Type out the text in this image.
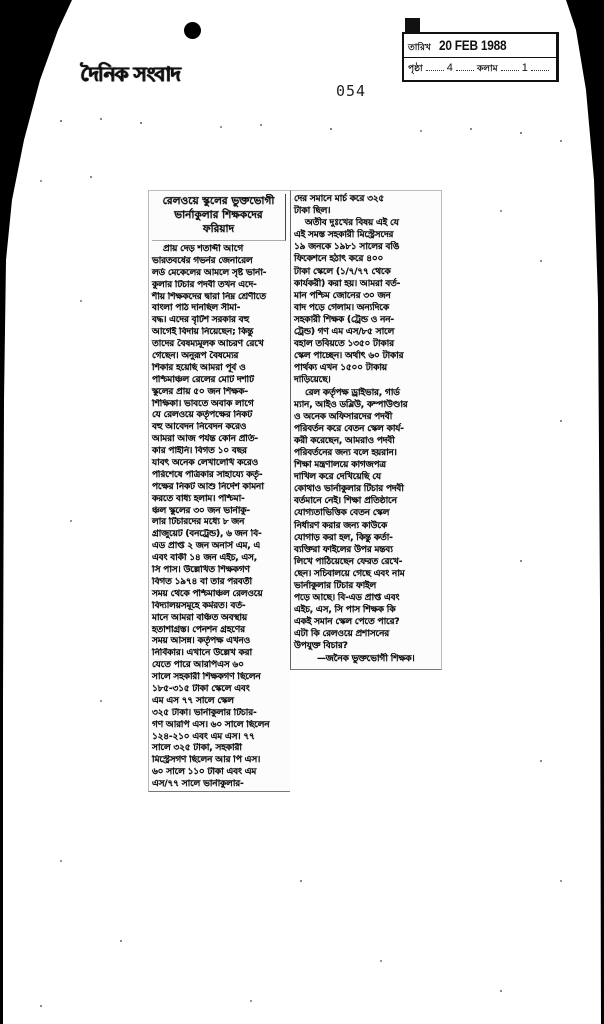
দৈনিক সংবাদ
054
তারিখ 20 FEB 1988
পৃষ্ঠা 4	কলাম 1
রেলওয়ে স্কুলের ভুক্তভোগী
ভার্নাকুলার শিক্ষকদের
ফরিয়াদ
প্রায় দেড় শতাব্দী আগে
ভারতবর্ষের গভর্নর জেনারেল
লর্ড মেকেলের আমলে সৃষ্ট ভার্না-
কুলার টিচার পদবী তখন এদে-
শীয় শিক্ষকদের দ্বারা নিম্ন শ্রেণীতে
বাংলা পাঠ দানছিল সীমা-
বদ্ধ। এদের বৃটিশ সরকার বহু
আগেই বিদায় নিয়েছেন; কিন্তু
তাদের বৈষম্যমূলক আচরণ রেখে
গেছেন। অনুরূপ বৈষম্যের
শিকার হয়েছি আমরা পূর্ব ও
পশ্চিমাঞ্চল রেলের মোট দশটি
স্কুলের প্রায় ৫০ জন শিক্ষক-
শিক্ষিকা। ভাবতে অবাক লাগে
যে রেলওয়ে কর্তৃপক্ষের নিকট
বহু আবেদন নিবেদন করেও
আমরা আজ পর্যন্ত কোন প্রতি-
কার পাইনি। বিগত ১০ বছর
যাবৎ অনেক লেখালেখি করেও
পরিশেষে পত্রিকার সাহায্যে কর্তৃ-
পক্ষের নিকট আশু নির্দেশ কামনা
করতে বাধ্য হলাম। পশ্চিমা-
ঞ্চল স্কুলের ৩০ জন ভার্নাকু-
লার টিচারদের মধ্যে ৮ জন
গ্রাজুয়েট (বনট্রেন্ড), ৬ জন বি-
এড প্রাপ্ত ২ জন অনার্স এম, এ
এবং বাকী ১৪ জন এইচ, এস,
সি পাস। উল্লেখিত শিক্ষকগণ
বিগত ১৯৭৪ বা তার পরবর্তী
সময় থেকে পশ্চিমাঞ্চল রেলওয়ে
বিদ্যালয়সমূহে কর্মরত। বর্ত-
মানে আমরা বঞ্চিত অবস্থায়
হতাশাগ্রস্ত। পেনশন গ্রহণের
সময় আসন্ন। কর্তৃপক্ষ এখনও
নির্বিকার। এখানে উল্লেখ করা
যেতে পারে আরপিএস ৬০
সালে সহকারী শিক্ষকগণ ছিলেন
১৮৫-৩১৫ টাকা স্কেলে এবং
এম এস ৭৭ সালে স্কেল
৩২৫ টাকা। ভার্নাকুলার টিচার-
গণ আরপি এস। ৬০ সালে ছিলেন
১২৪-২১০ এবং এম এস। ৭৭
সালে ৩২৫ টাকা, সহকারী
মিস্ট্রেসগণ ছিলেন আর পি এস।
৬০ সালে ১১০ টাকা এবং এম
এস/৭৭ সালে ভার্নাকুলার-
দের সমানে মার্চ করে ৩২৫
টাকা ছিল।
অতীব দুঃখের বিষয় এই যে
এই সমস্ত সহকারী মিস্ট্রেসদের
১৯ জনকে ১৯৮১ সালের বঙি
ফিকেশনে হঠাৎ করে ৪০০
টাকা স্কেলে (১/৭/৭৭ থেকে
কার্যকরী) করা হয়। আমরা বর্ত-
মান পশ্চিম জোনের ৩০ জন
বাদ পড়ে গেলাম। অন্যদিকে
সহকারী শিক্ষক (ট্রেন্ড ও নন-
ট্রেন্ড) গণ এম এস/৮৫ সালে
বহাল তবিয়তে ১৩৫০ টাকার
স্কেল পাচ্ছেন। অর্থাৎ ৬০ টাকার
পার্থক্য এখন ১৫০০ টাকায়
দাড়িয়েছে।
রেল কর্তৃপক্ষ ড্রাইভার, গার্ড
ম্যান, আইও ডব্লিউ, কম্পাউণ্ডার
ও অনেক অফিসারদের পদবী
পরিবর্তন করে বেতন স্কেল কার্য-
করী করেছেন, আমরাও পদবী
পরিবর্তনের জন্য বলে হয়রান।
শিক্ষা মন্ত্রণালয়ে কাগজপত্র
দাখিল করে দেখিয়েছি যে
কোথাও ভার্নাকুলার টিচার পদবী
বর্তমানে নেই। শিক্ষা প্রতিষ্ঠানে
যোগ্যতাভিত্তিক বেতন স্কেল
নির্ধারণ করার জন্য কাউকে
যোগাড় করা হল, কিন্তু কর্তা-
ব্যক্তিরা ফাইলের উপর মন্তব্য
লিখে পাঠিয়েছেন ফেরত রেখে-
ছেন। সচিবালয়ে গেছে এবং নাম
ভার্নাকুলার টিচার ফাইল
পড়ে আছে। বি-এড প্রাপ্ত এবং
এইচ, এস, সি পাস শিক্ষক কি
একই সমান স্কেল পেতে পারে?
এটা কি রেলওয়ে প্রশাসনের
উপযুক্ত বিচার?
—জনৈক ভুক্তভোগী শিক্ষক।
